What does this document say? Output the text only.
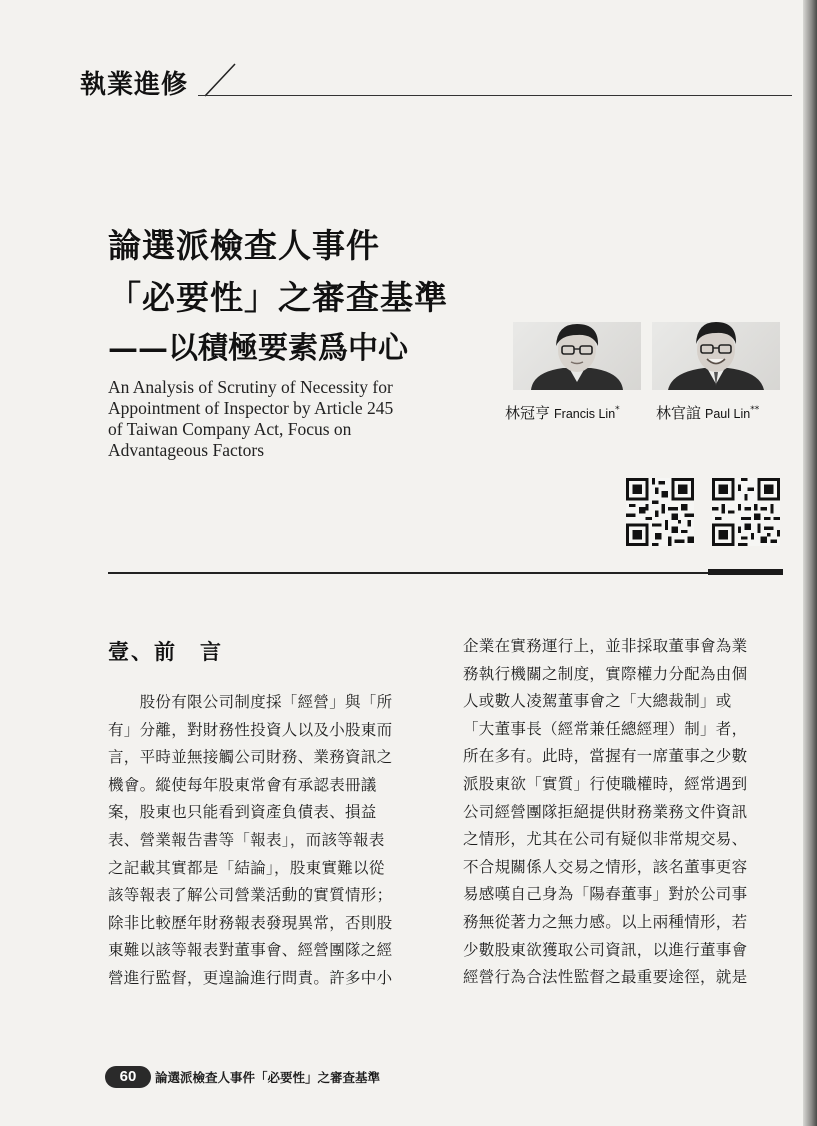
執業進修
論選派檢查人事件
「必要性」之審查基準
——以積極要素爲中心
An Analysis of Scrutiny of Necessity for
Appointment of Inspector by Article 245
of Taiwan Company Act, Focus on
Advantageous Factors
林冠亨 Francis Lin* 林官誼 Paul Lin**
壹、前　言
　　股份有限公司制度採「經營」與「所
有」分離，對財務性投資人以及小股東而
言，平時並無接觸公司財務、業務資訊之
機會。縱使每年股東常會有承認表冊議
案，股東也只能看到資產負債表、損益
表、營業報告書等「報表」，而該等報表
之記載其實都是「結論」，股東實難以從
該等報表了解公司營業活動的實質情形；
除非比較歷年財務報表發現異常，否則股
東難以該等報表對董事會、經營團隊之經
營進行監督，更遑論進行問責。許多中小
企業在實務運行上，並非採取董事會為業
務執行機關之制度，實際權力分配為由個
人或數人凌駕董事會之「大總裁制」或
「大董事長（經常兼任總經理）制」者，
所在多有。此時，當握有一席董事之少數
派股東欲「實質」行使職權時，經常遇到
公司經營團隊拒絕提供財務業務文件資訊
之情形，尤其在公司有疑似非常規交易、
不合規關係人交易之情形，該名董事更容
易感嘆自己身為「陽春董事」對於公司事
務無從著力之無力感。以上兩種情形，若
少數股東欲獲取公司資訊，以進行董事會
經營行為合法性監督之最重要途徑，就是
60	論選派檢查人事件「必要性」之審查基準
